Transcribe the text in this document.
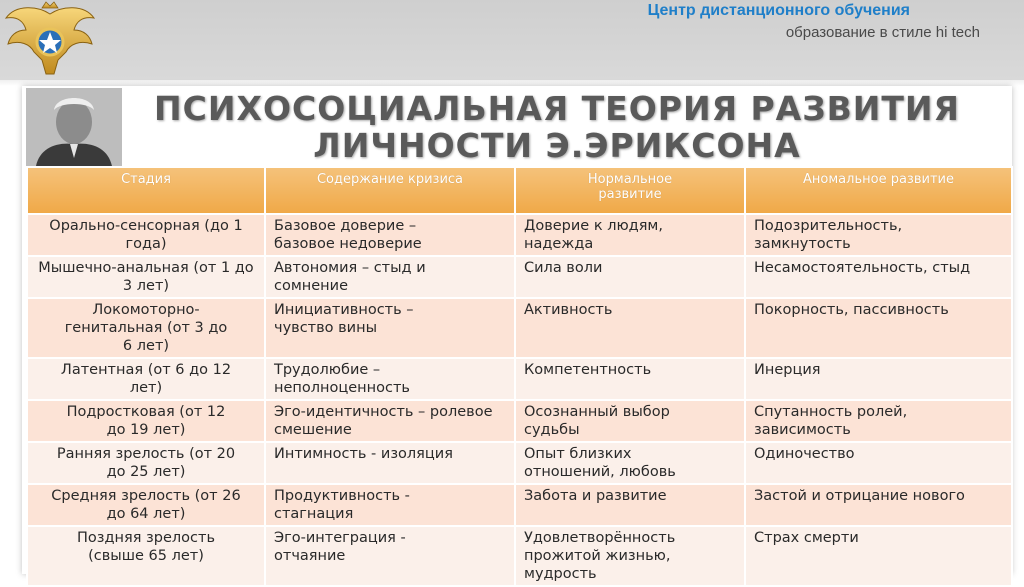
Центр дистанционного обучения
образование в стиле hi tech
ПСИХОСОЦИАЛЬНАЯ ТЕОРИЯ РАЗВИТИЯ
ЛИЧНОСТИ Э.ЭРИКСОНА
Стадия	Содержание кризиса	Нормальное развитие	Аномальное развитие
Орально-сенсорная (до 1 года)	Базовое доверие – базовое недоверие	Доверие к людям, надежда	Подозрительность, замкнутость
Мышечно-анальная (от 1 до 3 лет)	Автономия – стыд и сомнение	Сила воли	Несамостоятельность, стыд
Локомоторно-генитальная (от 3 до 6 лет)	Инициативность – чувство вины	Активность	Покорность, пассивность
Латентная (от 6 до 12 лет)	Трудолюбие – неполноценность	Компетентность	Инерция
Подростковая (от 12 до 19 лет)	Эго-идентичность – ролевое смешение	Осознанный выбор судьбы	Спутанность ролей, зависимость
Ранняя зрелость (от 20 до 25 лет)	Интимность - изоляция	Опыт близких отношений, любовь	Одиночество
Средняя зрелость (от 26 до 64 лет)	Продуктивность - стагнация	Забота и развитие	Застой и отрицание нового
Поздняя зрелость (свыше 65 лет)	Эго-интеграция - отчаяние	Удовлетворённость прожитой жизнью, мудрость	Страх смерти
